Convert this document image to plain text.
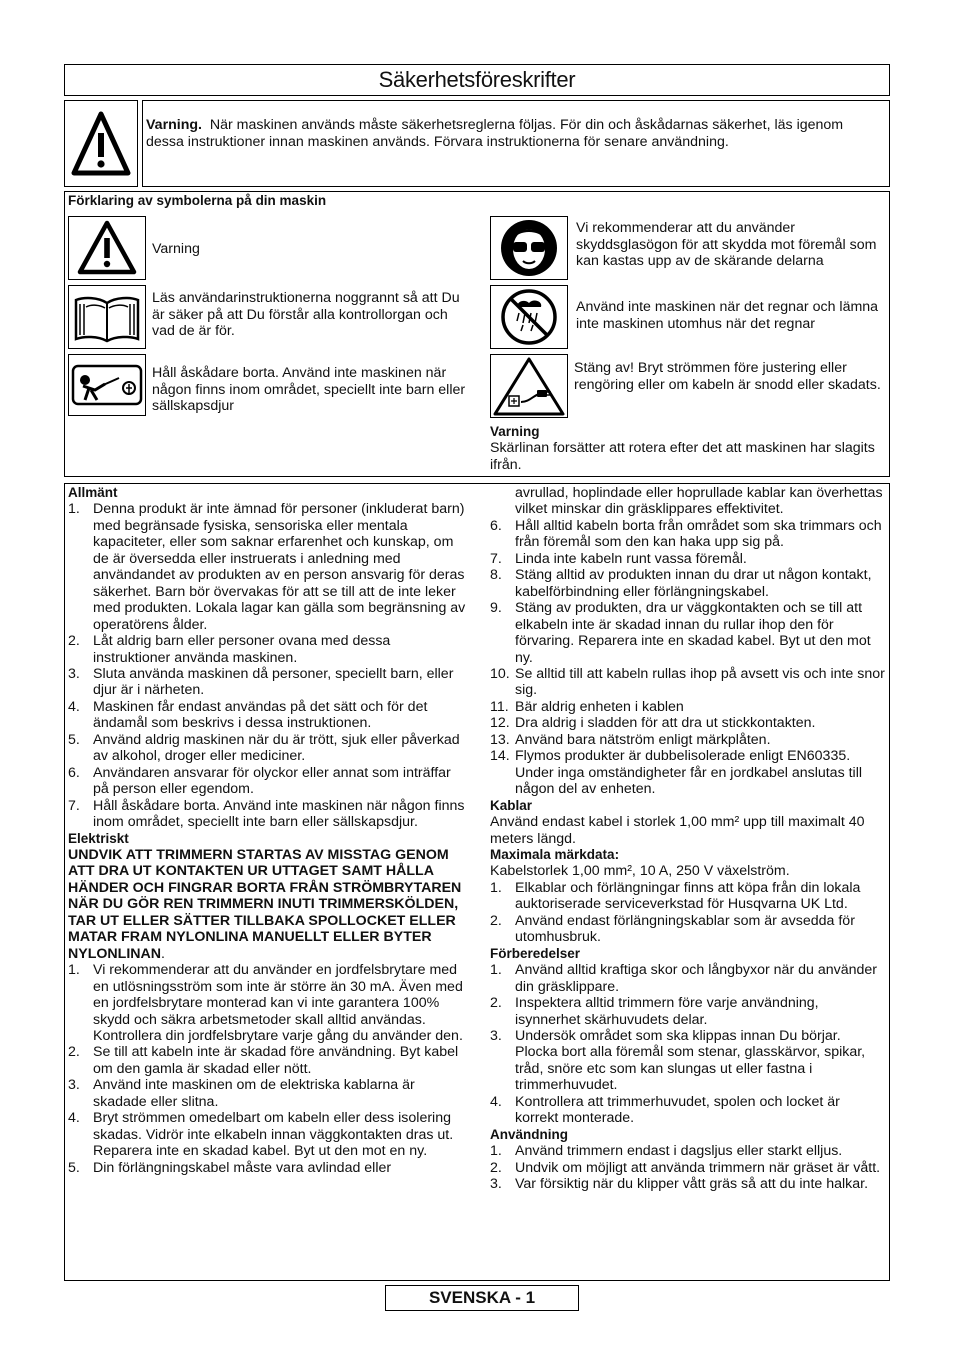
Säkerhetsföreskrifter
Varning. När maskinen används måste säkerhetsreglerna följas. För din och åskådarnas säkerhet, läs igenom dessa instruktioner innan maskinen används. Förvara instruktionerna för senare användning.
Förklaring av symbolerna på din maskin
Varning
Läs användarinstruktionerna noggrannt så att Du är säker på att Du förstår alla kontrollorgan och vad de är för.
Håll åskådare borta. Använd inte maskinen när någon finns inom området, speciellt inte barn eller sällskapsdjur
Vi rekommenderar att du använder skyddsglasögon för att skydda mot föremål som kan kastas upp av de skärande delarna
Använd inte maskinen när det regnar och lämna inte maskinen utomhus när det regnar
Stäng av! Bryt strömmen före justering eller rengöring eller om kabeln är snodd eller skadats.
Varning
Skärlinan forsätter att rotera efter det att maskinen har slagits ifrån.
Allmänt
1. Denna produkt är inte ämnad för personer (inkluderat barn) med begränsade fysiska, sensoriska eller mentala kapaciteter, eller som saknar erfarenhet och kunskap, om de är översedda eller instruerats i anledning med användandet av produkten av en person ansvarig för deras säkerhet. Barn bör övervakas för att se till att de inte leker med produkten. Lokala lagar kan gälla som begränsning av operatörens ålder.
2. Låt aldrig barn eller personer ovana med dessa instruktioner använda maskinen.
3. Sluta använda maskinen då personer, speciellt barn, eller djur är i närheten.
4. Maskinen får endast användas på det sätt och för det ändamål som beskrivs i dessa instruktionen.
5. Använd aldrig maskinen när du är trött, sjuk eller påverkad av alkohol, droger eller mediciner.
6. Användaren ansvarar för olyckor eller annat som inträffar på person eller egendom.
7. Håll åskådare borta. Använd inte maskinen när någon finns inom området, speciellt inte barn eller sällskapsdjur.
Elektriskt
UNDVIK ATT TRIMMERN STARTAS AV MISSTAG GENOM ATT DRA UT KONTAKTEN UR UTTAGET SAMT HÅLLA HÄNDER OCH FINGRAR BORTA FRÅN STRÖMBRYTAREN NÄR DU GÖR REN TRIMMERN INUTI TRIMMERSKÖLDEN, TAR UT ELLER SÄTTER TILLBAKA SPOLLOCKET ELLER MATAR FRAM NYLONLINA MANUELLT ELLER BYTER NYLONLINAN.
1. Vi rekommenderar att du använder en jordfelsbrytare med en utlösningsström som inte är större än 30 mA. Även med en jordfelsbrytare monterad kan vi inte garantera 100% skydd och säkra arbetsmetoder skall alltid användas. Kontrollera din jordfelsbrytare varje gång du använder den.
2. Se till att kabeln inte är skadad före användning. Byt kabel om den gamla är skadad eller nött.
3. Använd inte maskinen om de elektriska kablarna är skadade eller slitna.
4. Bryt strömmen omedelbart om kabeln eller dess isolering skadas. Vidrör inte elkabeln innan väggkontakten dras ut. Reparera inte en skadad kabel. Byt ut den mot en ny.
5. Din förlängningskabel måste vara avlindad eller
avrullad, hoplindade eller hoprullade kablar kan överhettas vilket minskar din gräsklippares effektivitet.
6. Håll alltid kabeln borta från området som ska trimmars och från föremål som den kan haka upp sig på.
7. Linda inte kabeln runt vassa föremål.
8. Stäng alltid av produkten innan du drar ut någon kontakt, kabelförbindning eller förlängningskabel.
9. Stäng av produkten, dra ur väggkontakten och se till att elkabeln inte är skadad innan du rullar ihop den för förvaring. Reparera inte en skadad kabel. Byt ut den mot ny.
10. Se alltid till att kabeln rullas ihop på avsett vis och inte snor sig.
11. Bär aldrig enheten i kablen
12. Dra aldrig i sladden för att dra ut stickkontakten.
13. Använd bara nätström enligt märkplåten.
14. Flymos produkter är dubbelisolerade enligt EN60335. Under inga omständigheter får en jordkabel anslutas till någon del av enheten.
Kablar
Använd endast kabel i storlek 1,00 mm² upp till maximalt 40 meters längd.
Maximala märkdata:
Kabelstorlek 1,00 mm², 10 A, 250 V växelström.
1. Elkablar och förlängningar finns att köpa från din lokala auktoriserade serviceverkstad för Husqvarna UK Ltd.
2. Använd endast förlängningskablar som är avsedda för utomhusbruk.
Förberedelser
1. Använd alltid kraftiga skor och långbyxor när du använder din gräsklippare.
2. Inspektera alltid trimmern före varje användning, isynnerhet skärhuvudets delar.
3. Undersök området som ska klippas innan Du börjar. Plocka bort alla föremål som stenar, glasskärvor, spikar, tråd, snöre etc som kan slungas ut eller fastna i trimmerhuvudet.
4. Kontrollera att trimmerhuvudet, spolen och locket är korrekt monterade.
Användning
1. Använd trimmern endast i dagsljus eller starkt elljus.
2. Undvik om möjligt att använda trimmern när gräset är vått.
3. Var försiktig när du klipper vått gräs så att du inte halkar.
SVENSKA - 1
